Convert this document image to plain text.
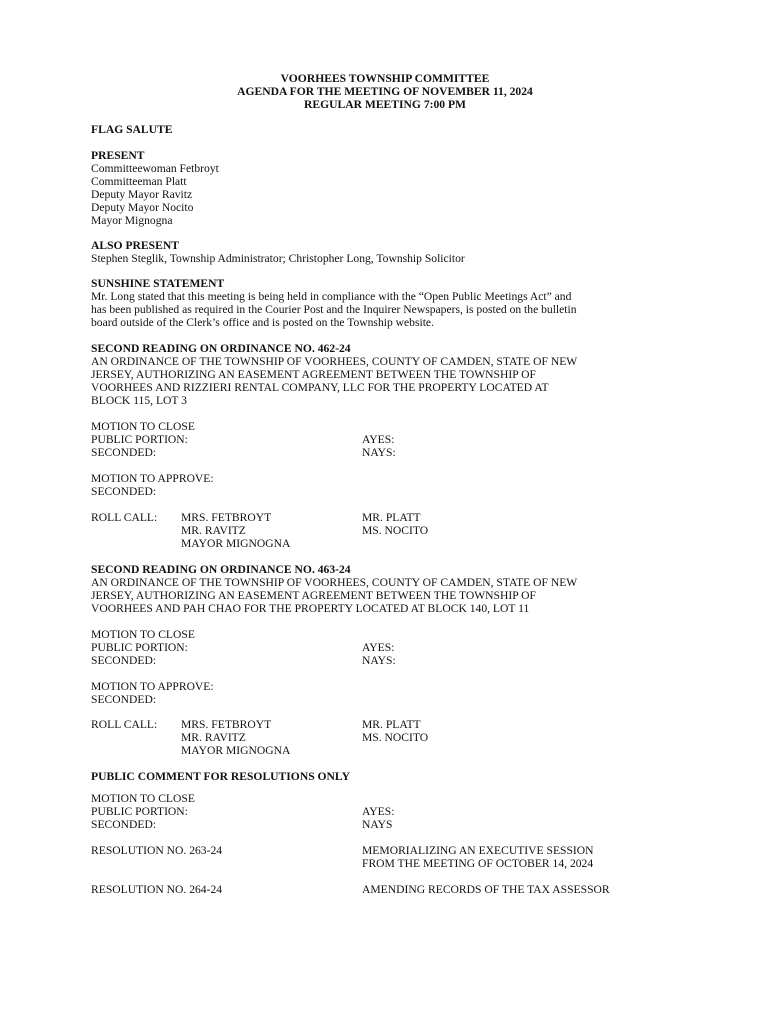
VOORHEES TOWNSHIP COMMITTEE
AGENDA FOR THE MEETING OF NOVEMBER 11, 2024
REGULAR MEETING 7:00 PM
FLAG SALUTE
PRESENT
Committeewoman Fetbroyt
Committeeman Platt
Deputy Mayor Ravitz
Deputy Mayor Nocito
Mayor Mignogna
ALSO PRESENT
Stephen Steglik, Township Administrator; Christopher Long, Township Solicitor
SUNSHINE STATEMENT
Mr. Long stated that this meeting is being held in compliance with the “Open Public Meetings Act” and
has been published as required in the Courier Post and the Inquirer Newspapers, is posted on the bulletin
board outside of the Clerk’s office and is posted on the Township website.
SECOND READING ON ORDINANCE NO. 462-24
AN ORDINANCE OF THE TOWNSHIP OF VOORHEES, COUNTY OF CAMDEN, STATE OF NEW
JERSEY, AUTHORIZING AN EASEMENT AGREEMENT BETWEEN THE TOWNSHIP OF
VOORHEES AND RIZZIERI RENTAL COMPANY, LLC FOR THE PROPERTY LOCATED AT
BLOCK 115, LOT 3
MOTION TO CLOSE
PUBLIC PORTION:	AYES:
SECONDED:	NAYS:
MOTION TO APPROVE:
SECONDED:
ROLL CALL: MRS. FETBROYT	MR. PLATT
MR. RAVITZ	MS. NOCITO
MAYOR MIGNOGNA
SECOND READING ON ORDINANCE NO. 463-24
AN ORDINANCE OF THE TOWNSHIP OF VOORHEES, COUNTY OF CAMDEN, STATE OF NEW
JERSEY, AUTHORIZING AN EASEMENT AGREEMENT BETWEEN THE TOWNSHIP OF
VOORHEES AND PAH CHAO FOR THE PROPERTY LOCATED AT BLOCK 140, LOT 11
MOTION TO CLOSE
PUBLIC PORTION:	AYES:
SECONDED:	NAYS:
MOTION TO APPROVE:
SECONDED:
ROLL CALL: MRS. FETBROYT	MR. PLATT
MR. RAVITZ	MS. NOCITO
MAYOR MIGNOGNA
PUBLIC COMMENT FOR RESOLUTIONS ONLY
MOTION TO CLOSE
PUBLIC PORTION:	AYES:
SECONDED:	NAYS
RESOLUTION NO. 263-24	MEMORIALIZING AN EXECUTIVE SESSION
FROM THE MEETING OF OCTOBER 14, 2024
RESOLUTION NO. 264-24	AMENDING RECORDS OF THE TAX ASSESSOR
